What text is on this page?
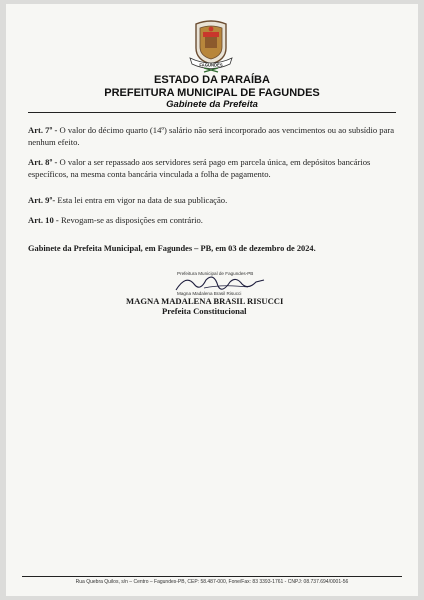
FAGUNDES
ESTADO DA PARAÍBA
PREFEITURA MUNICIPAL DE FAGUNDES
Gabinete da Prefeita
Art. 7º - O valor do décimo quarto (14º) salário não será incorporado aos vencimentos ou ao subsídio para nenhum efeito.
Art. 8º - O valor a ser repassado aos servidores será pago em parcela única, em depósitos bancários específicos, na mesma conta bancária vinculada a folha de pagamento.
Art. 9º- Esta lei entra em vigor na data de sua publicação.
Art. 10 - Revogam-se as disposições em contrário.
Gabinete da Prefeita Municipal, em Fagundes – PB, em 03 de dezembro de 2024.
Prefeitura Municipal de Fagundes-PB
Magna Madalena Brasil Risucci
MAGNA MADALENA BRASIL RISUCCI
Prefeita Constitucional
Rua Quebra Quilos, s/n – Centro – Fagundes-PB, CEP: 58.487-000, Fone/Fax: 83 3393-1761 - CNPJ: 08.737.694/0001-56
